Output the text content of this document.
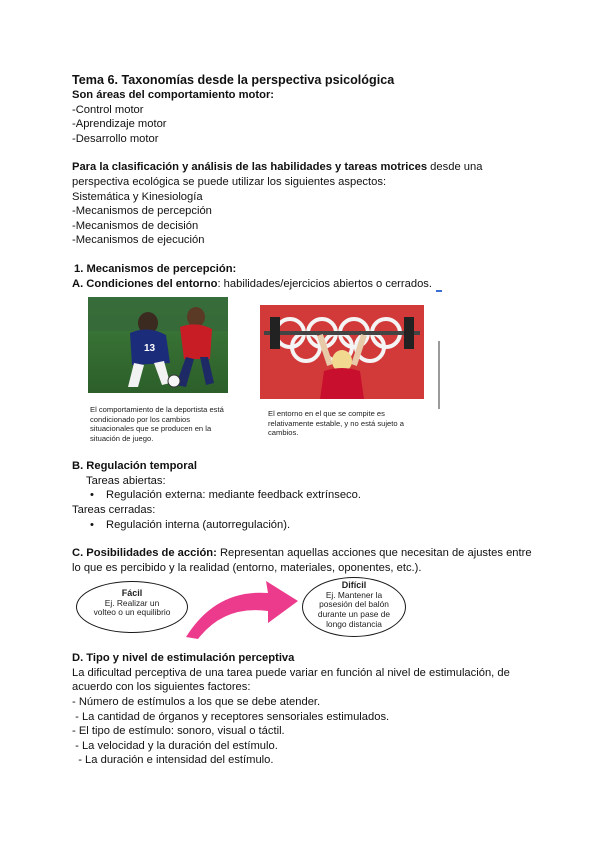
Tema 6. Taxonomías desde la perspectiva psicológica

Son áreas del comportamiento motor:

-Control motor

-Aprendizaje motor

-Desarrollo motor

Para la clasificación y análisis de las habilidades y tareas motrices desde una perspectiva ecológica se puede utilizar los siguientes aspectos:

Sistemática y Kinesiología

-Mecanismos de percepción

-Mecanismos de decisión

-Mecanismos de ejecución

1. Mecanismos de percepción:

A. Condiciones del entorno: habilidades/ejercicios abiertos o cerrados.

13
El comportamiento de la deportista está condicionado por los cambios situacionales que se producen en la situación de juego.
El entorno en el que se compite es relativamente estable, y no está sujeto a cambios.

B. Regulación temporal

Tareas abiertas:

• Regulación externa: mediante feedback extrínseco.

Tareas cerradas:

• Regulación interna (autorregulación).

C. Posibilidades de acción: Representan aquellas acciones que necesitan de ajustes entre lo que es percibido y la realidad (entorno, materiales, oponentes, etc.).

Fácil
Ej. Realizar un volteo o un equilibrio
Difícil
Ej. Mantener la posesión del balón durante un pase de longo distancia

D. Tipo y nivel de estimulación perceptiva

La dificultad perceptiva de una tarea puede variar en función al nivel de estimulación, de acuerdo con los siguientes factores:

- Número de estímulos a los que se debe atender.

- La cantidad de órganos y receptores sensoriales estimulados.

- El tipo de estímulo: sonoro, visual o táctil.

- La velocidad y la duración del estímulo.

- La duración e intensidad del estímulo.
